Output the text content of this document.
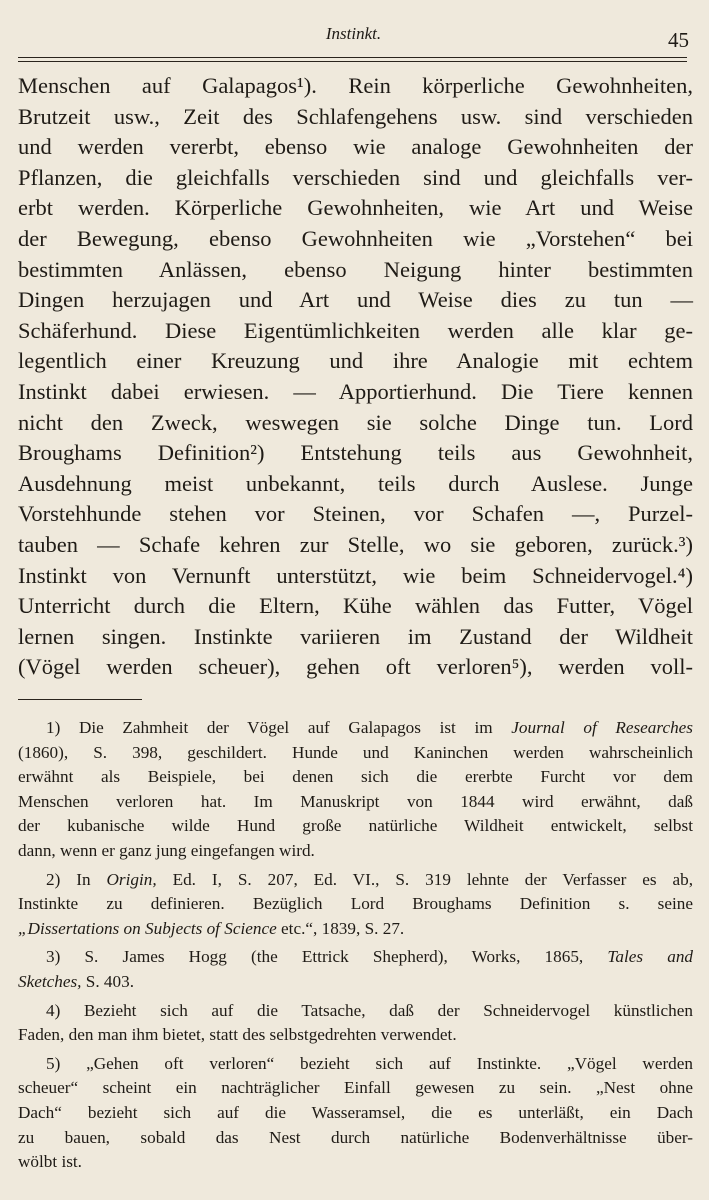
Instinkt.	45
Menschen auf Galapagos¹). Rein körperliche Gewohnheiten,
Brutzeit usw., Zeit des Schlafengehens usw. sind verschieden
und werden vererbt, ebenso wie analoge Gewohnheiten der
Pflanzen, die gleichfalls verschieden sind und gleichfalls ver-
erbt werden. Körperliche Gewohnheiten, wie Art und Weise
der Bewegung, ebenso Gewohnheiten wie „Vorstehen“ bei
bestimmten Anlässen, ebenso Neigung hinter bestimmten
Dingen herzujagen und Art und Weise dies zu tun —
Schäferhund. Diese Eigentümlichkeiten werden alle klar ge-
legentlich einer Kreuzung und ihre Analogie mit echtem
Instinkt dabei erwiesen. — Apportierhund. Die Tiere kennen
nicht den Zweck, weswegen sie solche Dinge tun. Lord
Broughams Definition²) Entstehung teils aus Gewohnheit,
Ausdehnung meist unbekannt, teils durch Auslese. Junge
Vorstehhunde stehen vor Steinen, vor Schafen —, Purzel-
tauben — Schafe kehren zur Stelle, wo sie geboren, zurück.³)
Instinkt von Vernunft unterstützt, wie beim Schneidervogel.⁴)
Unterricht durch die Eltern, Kühe wählen das Futter, Vögel
lernen singen. Instinkte variieren im Zustand der Wildheit
(Vögel werden scheuer), gehen oft verloren⁵), werden voll-
1) Die Zahmheit der Vögel auf Galapagos ist im Journal of Researches
(1860), S. 398, geschildert. Hunde und Kaninchen werden wahrscheinlich
erwähnt als Beispiele, bei denen sich die ererbte Furcht vor dem
Menschen verloren hat. Im Manuskript von 1844 wird erwähnt, daß
der kubanische wilde Hund große natürliche Wildheit entwickelt, selbst
dann, wenn er ganz jung eingefangen wird.
2) In Origin, Ed. I, S. 207, Ed. VI., S. 319 lehnte der Verfasser es ab,
Instinkte zu definieren. Bezüglich Lord Broughams Definition s. seine
„Dissertations on Subjects of Science etc.“, 1839, S. 27.
3) S. James Hogg (the Ettrick Shepherd), Works, 1865, Tales and
Sketches, S. 403.
4) Bezieht sich auf die Tatsache, daß der Schneidervogel künstlichen
Faden, den man ihm bietet, statt des selbstgedrehten verwendet.
5) „Gehen oft verloren“ bezieht sich auf Instinkte. „Vögel werden
scheuer“ scheint ein nachträglicher Einfall gewesen zu sein. „Nest ohne
Dach“ bezieht sich auf die Wasseramsel, die es unterläßt, ein Dach
zu bauen, sobald das Nest durch natürliche Bodenverhältnisse über-
wölbt ist.
